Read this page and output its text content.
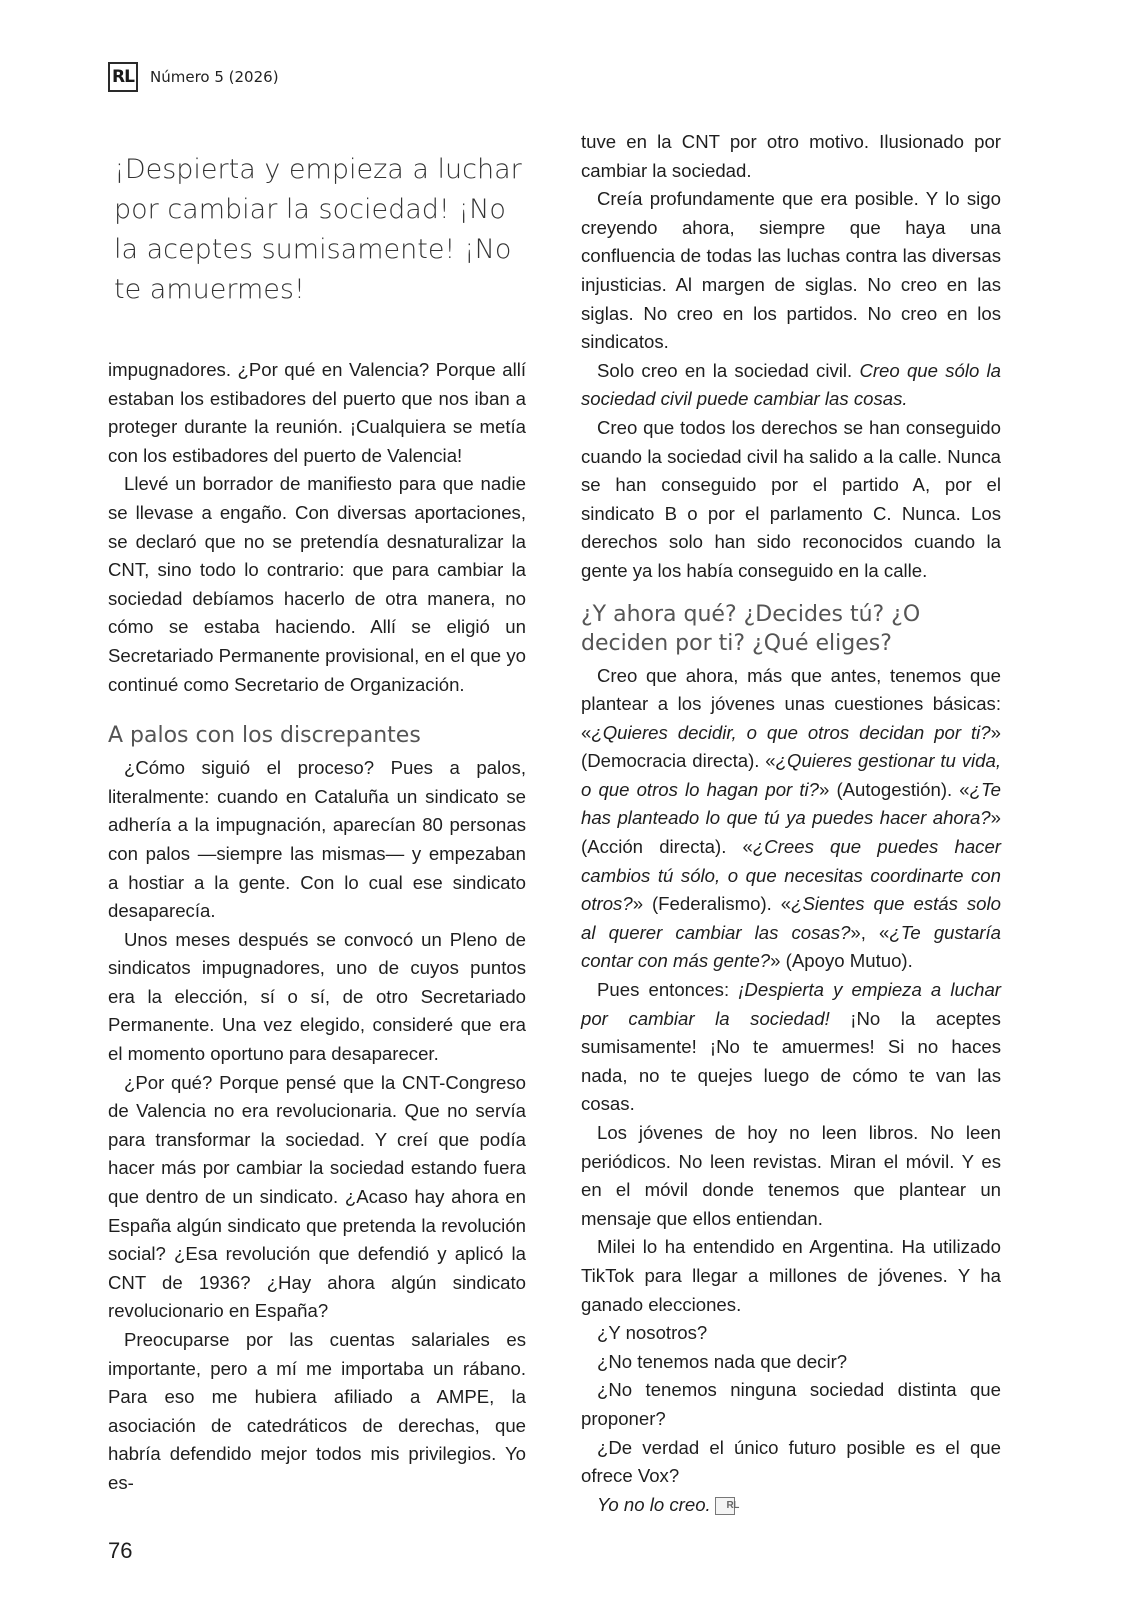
RL Número 5 (2026)
¡Despierta y empieza a luchar por cambiar la sociedad! ¡No la aceptes sumisamente! ¡No te amuermes!

impugnadores. ¿Por qué en Valencia? Porque allí estaban los estibadores del puerto que nos iban a proteger durante la reunión. ¡Cualquiera se metía con los estibadores del puerto de Valencia!

Llevé un borrador de manifiesto para que nadie se llevase a engaño. Con diversas aportaciones, se declaró que no se pretendía desnaturalizar la CNT, sino todo lo contrario: que para cambiar la sociedad debíamos hacerlo de otra manera, no cómo se estaba haciendo. Allí se eligió un Secretariado Permanente provisional, en el que yo continué como Secretario de Organización.

A palos con los discrepantes

¿Cómo siguió el proceso? Pues a palos, literalmente: cuando en Cataluña un sindicato se adhería a la impugnación, aparecían 80 personas con palos —siempre las mismas— y empezaban a hostiar a la gente. Con lo cual ese sindicato desaparecía.

Unos meses después se convocó un Pleno de sindicatos impugnadores, uno de cuyos puntos era la elección, sí o sí, de otro Secretariado Permanente. Una vez elegido, consideré que era el momento oportuno para desaparecer.

¿Por qué? Porque pensé que la CNT-Congreso de Valencia no era revolucionaria. Que no servía para transformar la sociedad. Y creí que podía hacer más por cambiar la sociedad estando fuera que dentro de un sindicato. ¿Acaso hay ahora en España algún sindicato que pretenda la revolución social? ¿Esa revolución que defendió y aplicó la CNT de 1936? ¿Hay ahora algún sindicato revolucionario en España?

Preocuparse por las cuentas salariales es importante, pero a mí me importaba un rábano. Para eso me hubiera afiliado a AMPE, la asociación de catedráticos de derechas, que habría defendido mejor todos mis privilegios. Yo es-

tuve en la CNT por otro motivo. Ilusionado por cambiar la sociedad.

Creía profundamente que era posible. Y lo sigo creyendo ahora, siempre que haya una confluencia de todas las luchas contra las diversas injusticias. Al margen de siglas. No creo en las siglas. No creo en los partidos. No creo en los sindicatos.

Solo creo en la sociedad civil. Creo que sólo la sociedad civil puede cambiar las cosas.

Creo que todos los derechos se han conseguido cuando la sociedad civil ha salido a la calle. Nunca se han conseguido por el partido A, por el sindicato B o por el parlamento C. Nunca. Los derechos solo han sido reconocidos cuando la gente ya los había conseguido en la calle.

¿Y ahora qué? ¿Decides tú? ¿O deciden por ti? ¿Qué eliges?

Creo que ahora, más que antes, tenemos que plantear a los jóvenes unas cuestiones básicas: «¿Quieres decidir, o que otros decidan por ti?» (Democracia directa). «¿Quieres gestionar tu vida, o que otros lo hagan por ti?» (Autogestión). «¿Te has planteado lo que tú ya puedes hacer ahora?» (Acción directa). «¿Crees que puedes hacer cambios tú sólo, o que necesitas coordinarte con otros?» (Federalismo). «¿Sientes que estás solo al querer cambiar las cosas?», «¿Te gustaría contar con más gente?» (Apoyo Mutuo).

Pues entonces: ¡Despierta y empieza a luchar por cambiar la sociedad! ¡No la aceptes sumisamente! ¡No te amuermes! Si no haces nada, no te quejes luego de cómo te van las cosas.

Los jóvenes de hoy no leen libros. No leen periódicos. No leen revistas. Miran el móvil. Y es en el móvil donde tenemos que plantear un mensaje que ellos entiendan.

Milei lo ha entendido en Argentina. Ha utilizado TikTok para llegar a millones de jóvenes. Y ha ganado elecciones.

¿Y nosotros?

¿No tenemos nada que decir?

¿No tenemos ninguna sociedad distinta que proponer?

¿De verdad el único futuro posible es el que ofrece Vox?

Yo no lo creo. RL

76
